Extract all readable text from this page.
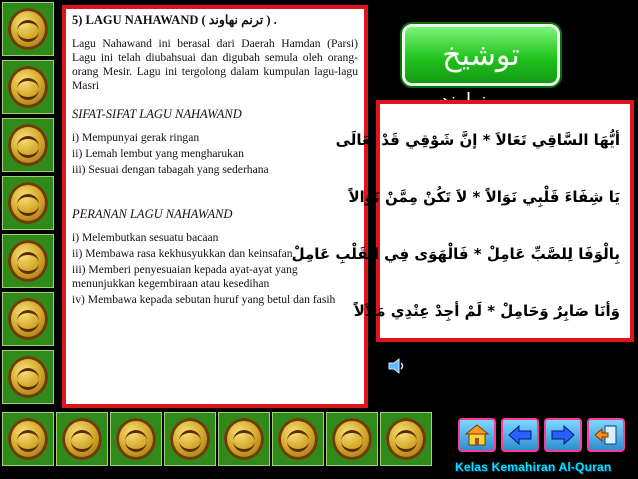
5) LAGU NAHAWAND ( ترنم نهاوند ) .

Lagu Nahawand ini berasal dari Daerah Hamdan (Parsi) Lagu ini telah diubahsuai dan digubah semula oleh orang-orang Mesir. Lagu ini tergolong dalam kumpulan lagu-lagu Masri

SIFAT-SIFAT LAGU NAHAWAND

i) Mempunyai gerak ringan
ii) Lemah lembut yang mengharukan
iii) Sesuai dengan tabagah yang sederhana

PERANAN LAGU NAHAWAND

i) Melembutkan sesuatu bacaan
ii) Membawa rasa kekhusyukkan dan keinsafan
iii) Memberi penyesuaian kepada ayat-ayat yang menunjukkan kegembiraan atau kesedihan
iv) Membawa kepada sebutan huruf yang betul dan fasih
توشيخ
أيُّهَا السَّاقِي تَعَالاَ * إنَّ شَوْقِي قَدْ تَعَالَى
يَا شِفَاءَ قَلْبِي نَوَالاً * لاَ تَكُنْ مِمَّنْ نَوَالاً
بِالْوَفَا لِلصَّبِّ عَامِلْ * فَالْهَوَى فِي الْقَلْبِ عَامِلْ
وَأنَا صَابِرٌ وَحَامِلْ * لَمْ أجِدْ عِنْدِي مَلاَلاً
Kelas Kemahiran Al-Quran
